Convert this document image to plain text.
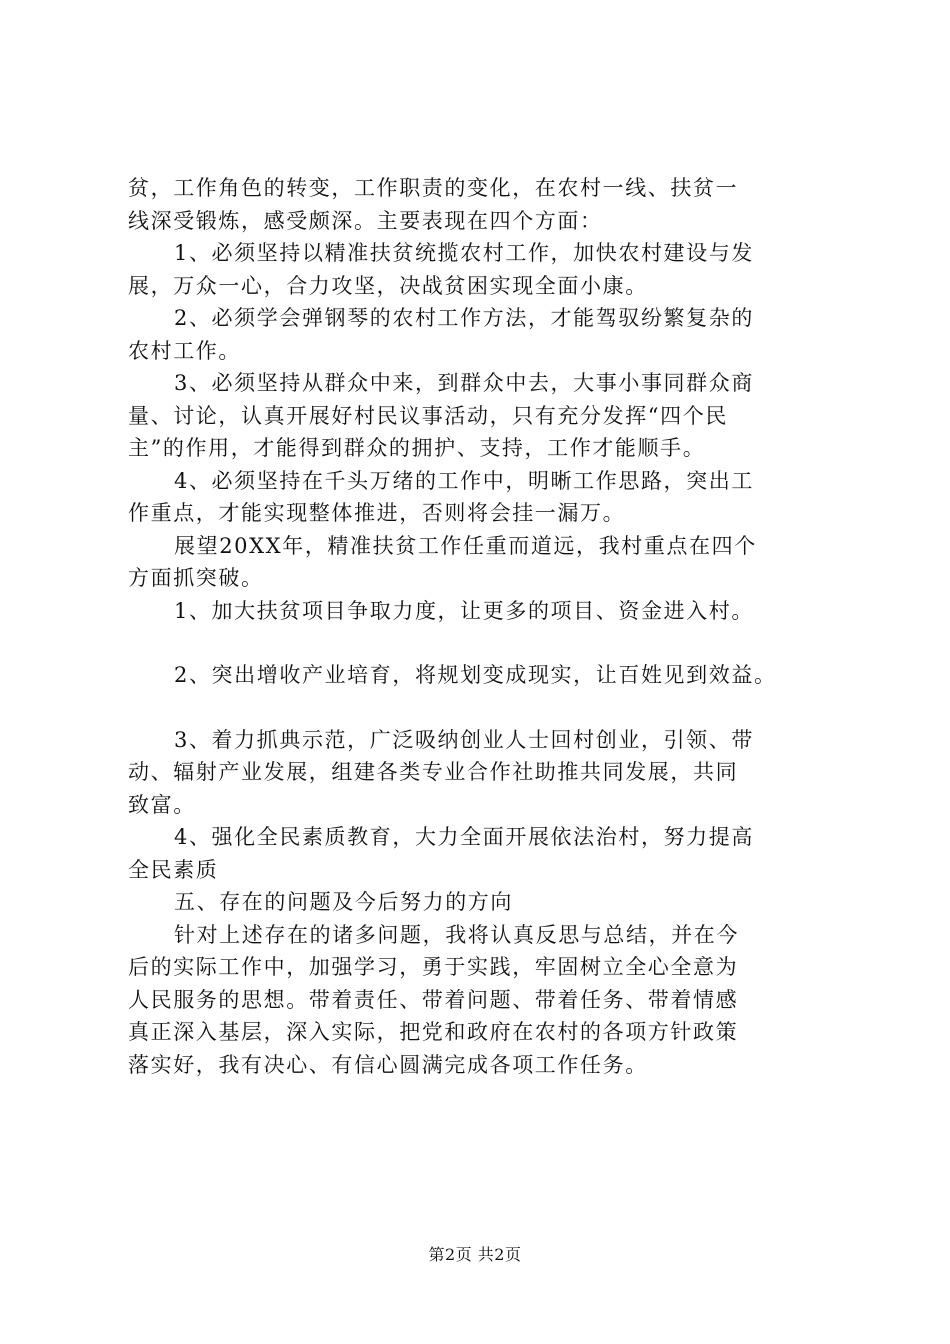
贫，工作角色的转变，工作职责的变化，在农村一线、扶贫一
线深受锻炼，感受颇深。主要表现在四个方面：
1、必须坚持以精准扶贫统揽农村工作，加快农村建设与发
展，万众一心，合力攻坚，决战贫困实现全面小康。
2、必须学会弹钢琴的农村工作方法，才能驾驭纷繁复杂的
农村工作。
3、必须坚持从群众中来，到群众中去，大事小事同群众商
量、讨论，认真开展好村民议事活动，只有充分发挥“四个民
主”的作用，才能得到群众的拥护、支持，工作才能顺手。
4、必须坚持在千头万绪的工作中，明晰工作思路，突出工
作重点，才能实现整体推进，否则将会挂一漏万。
展望20XX年，精准扶贫工作任重而道远，我村重点在四个
方面抓突破。
1、加大扶贫项目争取力度，让更多的项目、资金进入村。
2、突出增收产业培育，将规划变成现实，让百姓见到效益。
3、着力抓典示范，广泛吸纳创业人士回村创业，引领、带
动、辐射产业发展，组建各类专业合作社助推共同发展，共同
致富。
4、强化全民素质教育，大力全面开展依法治村，努力提高
全民素质
五、存在的问题及今后努力的方向
针对上述存在的诸多问题，我将认真反思与总结，并在今
后的实际工作中，加强学习，勇于实践，牢固树立全心全意为
人民服务的思想。带着责任、带着问题、带着任务、带着情感
真正深入基层，深入实际，把党和政府在农村的各项方针政策
落实好，我有决心、有信心圆满完成各项工作任务。
第2页 共2页
